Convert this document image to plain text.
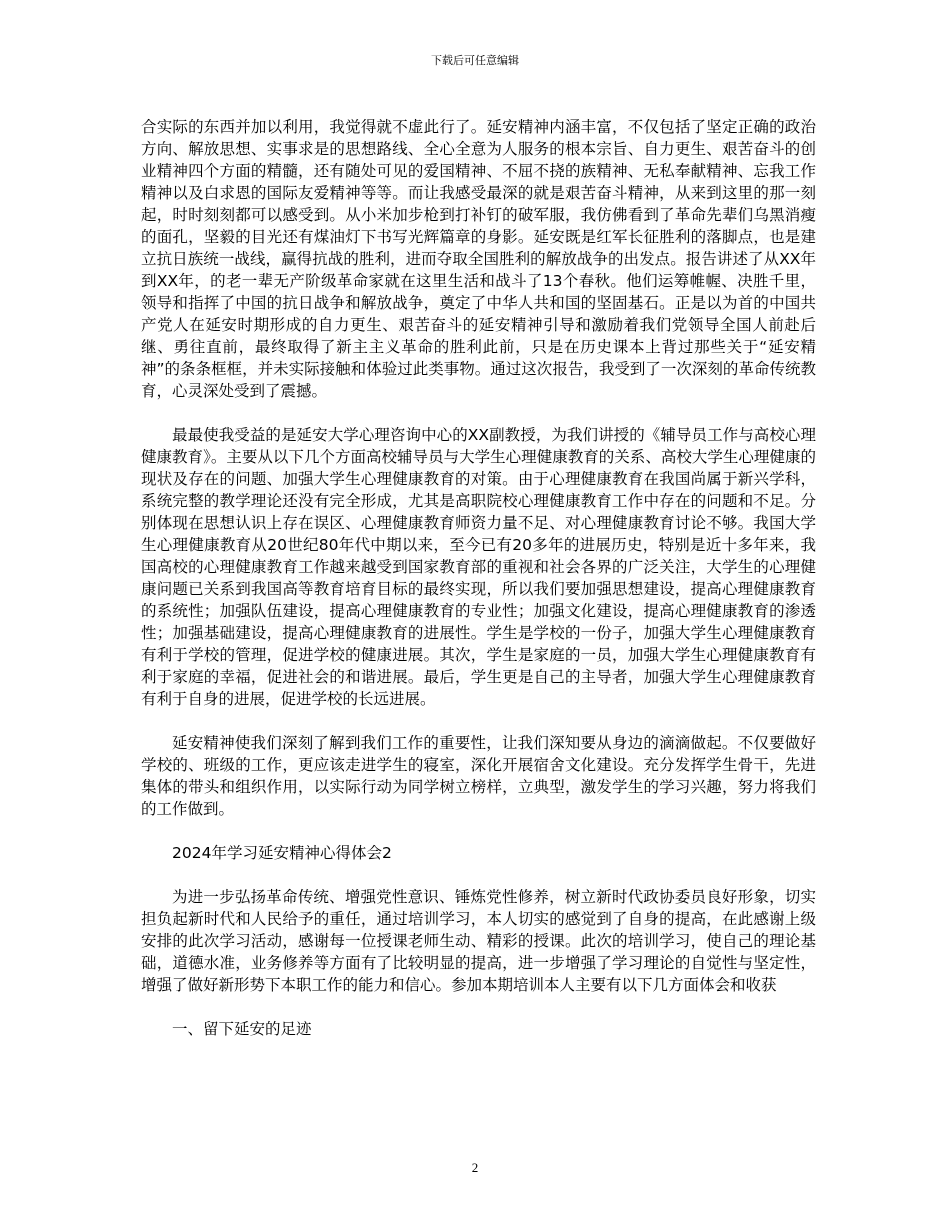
下载后可任意编辑

合实际的东西并加以利用，我觉得就不虚此行了。延安精神内涵丰富，不仅包括了坚定正确的政治方向、解放思想、实事求是的思想路线、全心全意为人服务的根本宗旨、自力更生、艰苦奋斗的创业精神四个方面的精髓，还有随处可见的爱国精神、不屈不挠的族精神、无私奉献精神、忘我工作精神以及白求恩的国际友爱精神等等。而让我感受最深的就是艰苦奋斗精神，从来到这里的那一刻起，时时刻刻都可以感受到。从小米加步枪到打补钉的破军服，我仿佛看到了革命先辈们乌黑消瘦的面孔，坚毅的目光还有煤油灯下书写光辉篇章的身影。延安既是红军长征胜利的落脚点，也是建立抗日族统一战线，赢得抗战的胜利，进而夺取全国胜利的解放战争的出发点。报告讲述了从XX年到XX年，的老一辈无产阶级革命家就在这里生活和战斗了13个春秋。他们运筹帷幄、决胜千里，领导和指挥了中国的抗日战争和解放战争，奠定了中华人共和国的坚固基石。正是以为首的中国共产党人在延安时期形成的自力更生、艰苦奋斗的延安精神引导和激励着我们党领导全国人前赴后继、勇往直前，最终取得了新主主义革命的胜利此前，只是在历史课本上背过那些关于“延安精神”的条条框框，并未实际接触和体验过此类事物。通过这次报告，我受到了一次深刻的革命传统教育，心灵深处受到了震撼。

最最使我受益的是延安大学心理咨询中心的XX副教授，为我们讲授的《辅导员工作与高校心理健康教育》。主要从以下几个方面高校辅导员与大学生心理健康教育的关系、高校大学生心理健康的现状及存在的问题、加强大学生心理健康教育的对策。由于心理健康教育在我国尚属于新兴学科，系统完整的教学理论还没有完全形成，尤其是高职院校心理健康教育工作中存在的问题和不足。分别体现在思想认识上存在误区、心理健康教育师资力量不足、对心理健康教育讨论不够。我国大学生心理健康教育从20世纪80年代中期以来，至今已有20多年的进展历史，特别是近十多年来，我国高校的心理健康教育工作越来越受到国家教育部的重视和社会各界的广泛关注，大学生的心理健康问题已关系到我国高等教育培育目标的最终实现，所以我们要加强思想建设，提高心理健康教育的系统性；加强队伍建设，提高心理健康教育的专业性；加强文化建设，提高心理健康教育的渗透性；加强基础建设，提高心理健康教育的进展性。学生是学校的一份子，加强大学生心理健康教育有利于学校的管理，促进学校的健康进展。其次，学生是家庭的一员，加强大学生心理健康教育有利于家庭的幸福，促进社会的和谐进展。最后，学生更是自己的主导者，加强大学生心理健康教育有利于自身的进展，促进学校的长远进展。

延安精神使我们深刻了解到我们工作的重要性，让我们深知要从身边的滴滴做起。不仅要做好学校的、班级的工作，更应该走进学生的寝室，深化开展宿舍文化建设。充分发挥学生骨干，先进集体的带头和组织作用，以实际行动为同学树立榜样，立典型，激发学生的学习兴趣，努力将我们的工作做到。

2024年学习延安精神心得体会2

为进一步弘扬革命传统、增强党性意识、锤炼党性修养，树立新时代政协委员良好形象，切实担负起新时代和人民给予的重任，通过培训学习，本人切实的感觉到了自身的提高，在此感谢上级安排的此次学习活动，感谢每一位授课老师生动、精彩的授课。此次的培训学习，使自己的理论基础，道德水准，业务修养等方面有了比较明显的提高，进一步增强了学习理论的自觉性与坚定性，增强了做好新形势下本职工作的能力和信心。参加本期培训本人主要有以下几方面体会和收获

一、留下延安的足迹

2
